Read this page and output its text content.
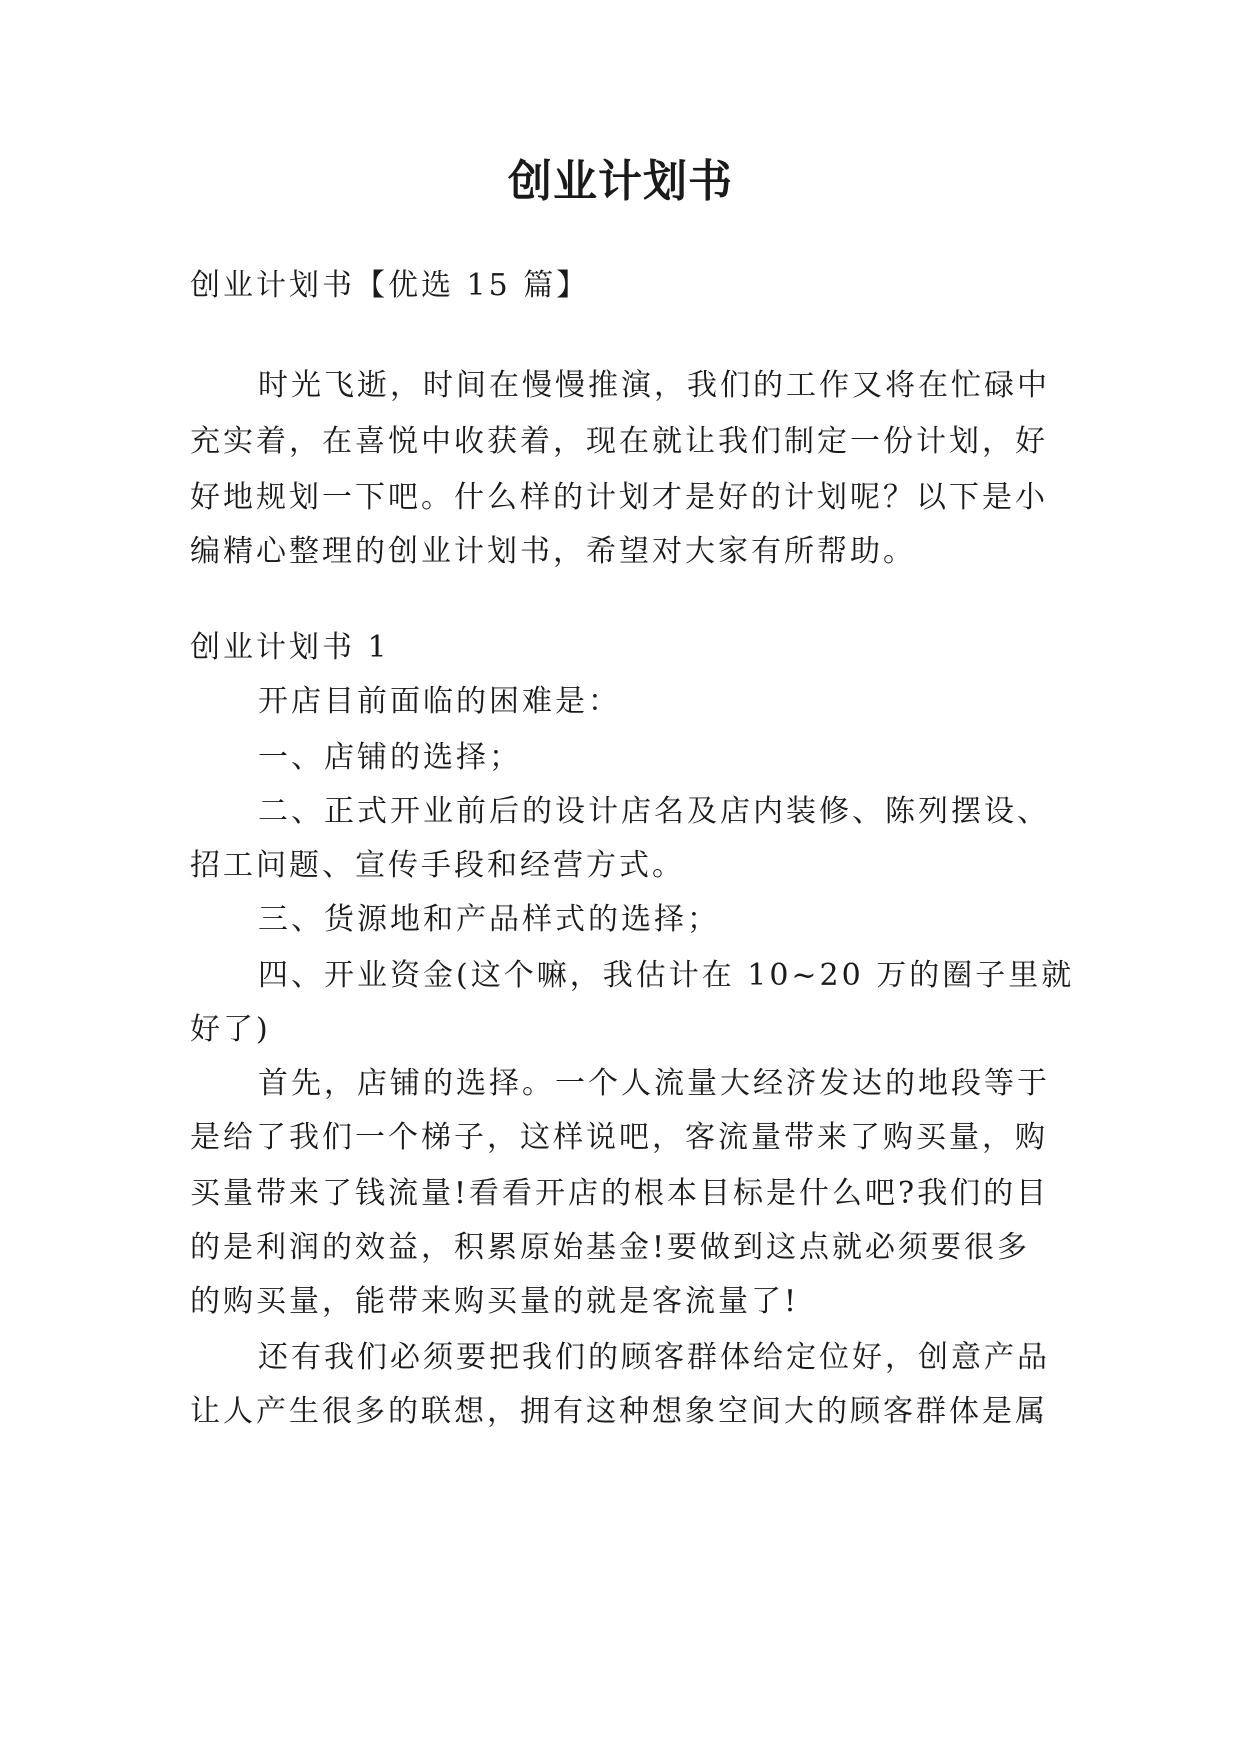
创业计划书

创业计划书【优选 15 篇】

时光飞逝，时间在慢慢推演，我们的工作又将在忙碌中

充实着，在喜悦中收获着，现在就让我们制定一份计划，好

好地规划一下吧。什么样的计划才是好的计划呢？以下是小

编精心整理的创业计划书，希望对大家有所帮助。

创业计划书 1

开店目前面临的困难是：

一、店铺的选择；

二、正式开业前后的设计店名及店内装修、陈列摆设、

招工问题、宣传手段和经营方式。

三、货源地和产品样式的选择；

四、开业资金(这个嘛，我估计在 10~20 万的圈子里就

好了)

首先，店铺的选择。一个人流量大经济发达的地段等于

是给了我们一个梯子，这样说吧，客流量带来了购买量，购

买量带来了钱流量!看看开店的根本目标是什么吧?我们的目

的是利润的效益，积累原始基金!要做到这点就必须要很多

的购买量，能带来购买量的就是客流量了!

还有我们必须要把我们的顾客群体给定位好，创意产品

让人产生很多的联想，拥有这种想象空间大的顾客群体是属
